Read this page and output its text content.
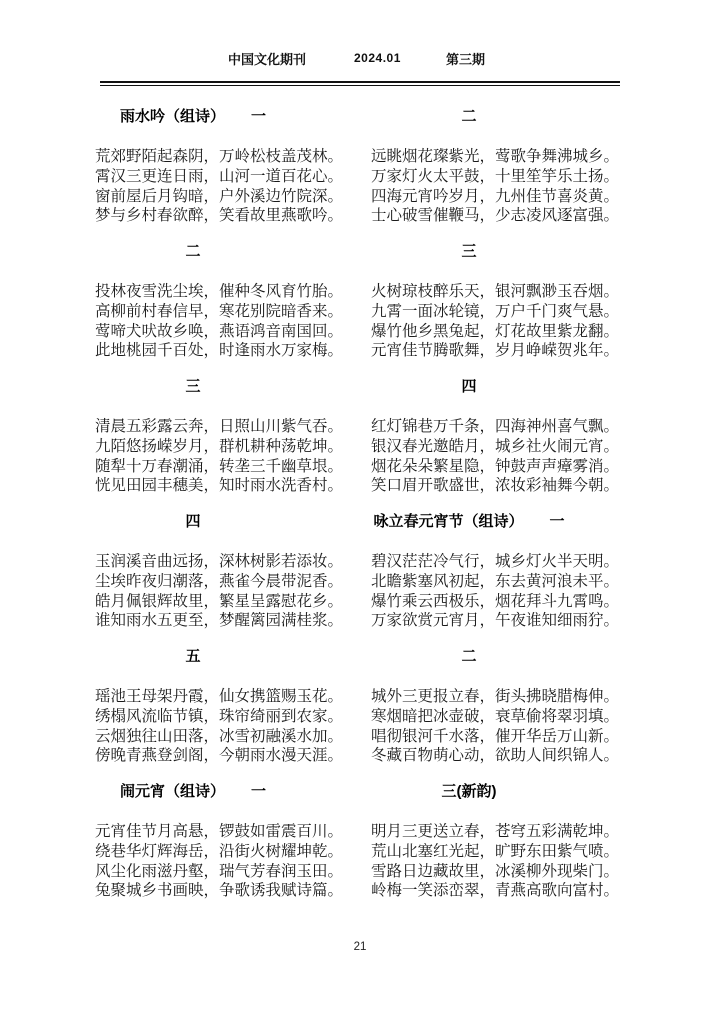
中国文化期刊	2024.01	第三期
雨水吟（组诗） 一
荒郊野陌起森阴，万岭松枝盖茂林。
霄汉三更连日雨，山河一道百花心。
窗前屋后月钩暗，户外溪边竹院深。
梦与乡村春欲醉，笑看故里燕歌吟。
二
投林夜雪洗尘埃，催种冬风育竹胎。
高柳前村春信早，寒花别院暗香来。
莺啼犬吠故乡唤，燕语鸿音南国回。
此地桃园千百处，时逢雨水万家梅。
三
清晨五彩露云奔，日照山川紫气吞。
九陌悠扬嵘岁月，群机耕种荡乾坤。
随犁十万春潮涌，转垄三千幽草垠。
恍见田园丰穗美，知时雨水洗香村。
四
玉润溪音曲远扬，深林树影若添妆。
尘埃昨夜归潮落，燕雀今晨带泥香。
皓月佩银辉故里，繁星呈露慰花乡。
谁知雨水五更至，梦醒篱园满桂浆。
五
瑶池王母架丹霞，仙女携篮赐玉花。
绣榻风流临节镇，珠帘绮丽到农家。
云烟独往山田落，冰雪初融溪水加。
傍晚青燕登剑阁，今朝雨水漫天涯。
闹元宵（组诗） 一
元宵佳节月高悬，锣鼓如雷震百川。
绕巷华灯辉海岳，沿街火树耀坤乾。
风尘化雨滋丹壑，瑞气芳春润玉田。
兔聚城乡书画映，争歌诱我赋诗篇。
二
远眺烟花璨紫光，莺歌争舞沸城乡。
万家灯火太平鼓，十里笙竽乐土扬。
四海元宵吟岁月，九州佳节喜炎黄。
士心破雪催鞭马，少志凌风逐富强。
三
火树琼枝醉乐天，银河飘渺玉吞烟。
九霄一面冰轮镜，万户千门爽气悬。
爆竹他乡黑兔起，灯花故里紫龙翻。
元宵佳节腾歌舞，岁月峥嵘贺兆年。
四
红灯锦巷万千条，四海神州喜气飘。
银汉春光邀皓月，城乡社火闹元宵。
烟花朵朵繁星隐，钟鼓声声瘴雾消。
笑口眉开歌盛世，浓妆彩袖舞今朝。
咏立春元宵节（组诗） 一
碧汉茫茫冷气行，城乡灯火半天明。
北瞻紫塞风初起，东去黄河浪未平。
爆竹乘云西极乐，烟花拜斗九霄鸣。
万家欲赏元宵月，午夜谁知细雨狞。
二
城外三更报立春，街头拂晓腊梅伸。
寒烟暗把冰壶破，衰草偷将翠羽填。
唱彻银河千水落，催开华岳万山新。
冬藏百物萌心动，欲助人间织锦人。
三(新韵)
明月三更送立春，苍穹五彩满乾坤。
荒山北塞红光起，旷野东田紫气喷。
雪路日边藏故里，冰溪柳外现柴门。
岭梅一笑添峦翠，青燕高歌向富村。
21
